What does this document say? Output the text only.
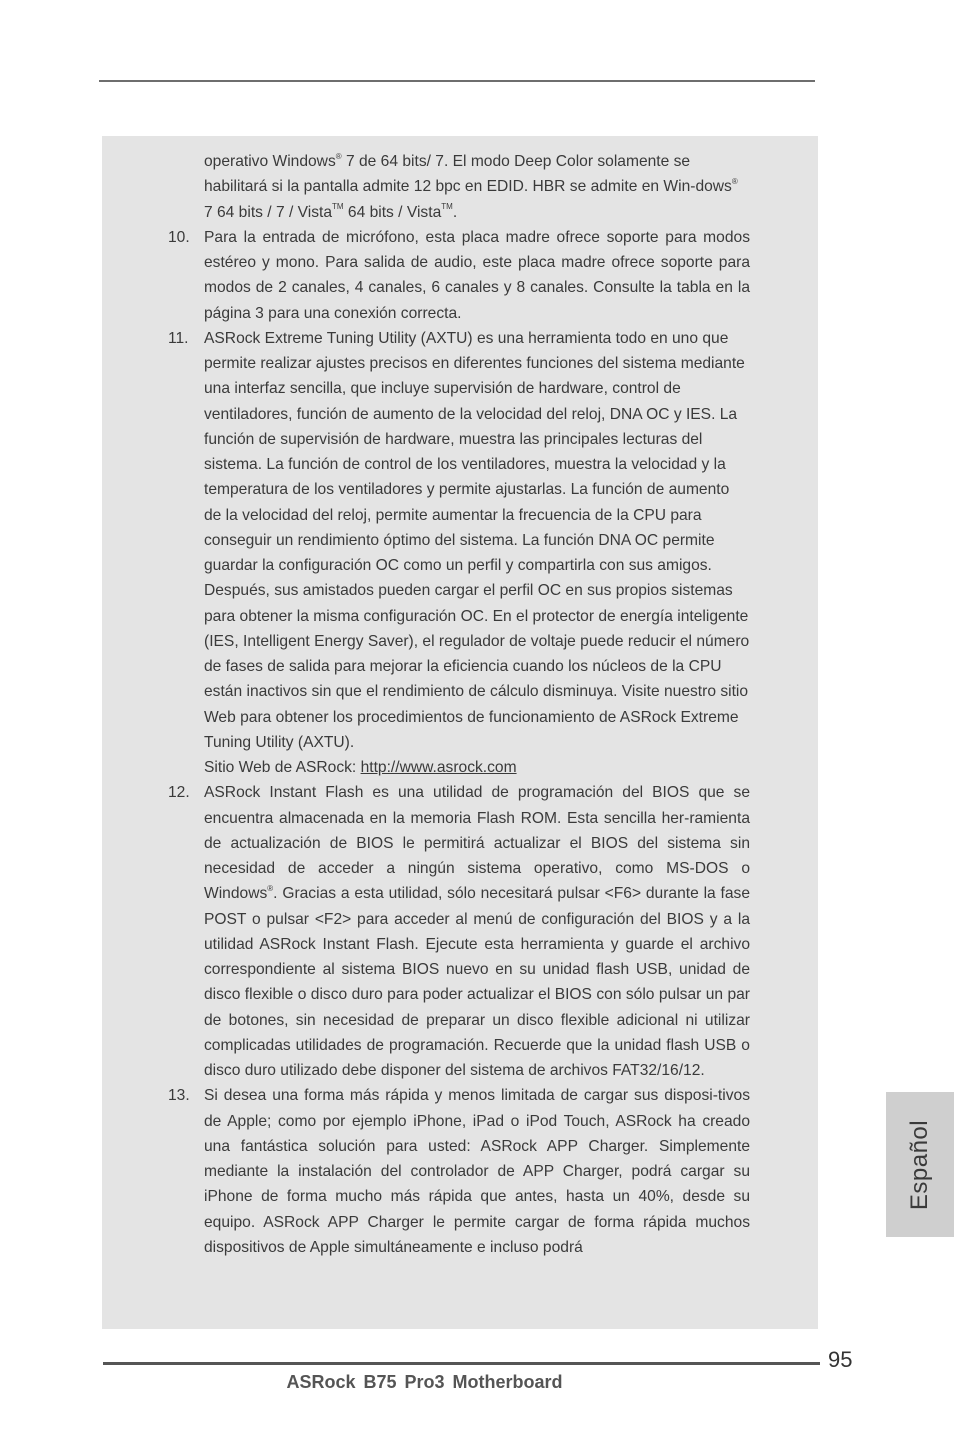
operativo Windows® 7 de 64 bits/ 7. El modo Deep Color solamente se habilitará si la pantalla admite 12 bpc en EDID. HBR se admite en Win-dows® 7 64 bits / 7 / Vista™ 64 bits / Vista™.
10. Para la entrada de micrófono, esta placa madre ofrece soporte para modos estéreo y mono. Para salida de audio, este placa madre ofrece soporte para modos de 2 canales, 4 canales, 6 canales y 8 canales. Consulte la tabla en la página 3 para una conexión correcta.
11. ASRock Extreme Tuning Utility (AXTU) es una herramienta todo en uno que permite realizar ajustes precisos en diferentes funciones del sistema mediante una interfaz sencilla, que incluye supervisión de hardware, control de ventiladores, función de aumento de la velocidad del reloj, DNA OC y IES. La función de supervisión de hardware, muestra las principales lecturas del sistema. La función de control de los ventiladores, muestra la velocidad y la temperatura de los ventiladores y permite ajustarlas. La función de aumento de la velocidad del reloj, permite aumentar la frecuencia de la CPU para conseguir un rendimiento óptimo del sistema. La función DNA OC permite guardar la configuración OC como un perfil y compartirla con sus amigos. Después, sus amistados pueden cargar el perfil OC en sus propios sistemas para obtener la misma configuración OC. En el protector de energía inteligente (IES, Intelligent Energy Saver), el regulador de voltaje puede reducir el número de fases de salida para mejorar la eficiencia cuando los núcleos de la CPU están inactivos sin que el rendimiento de cálculo disminuya. Visite nuestro sitio Web para obtener los procedimientos de funcionamiento de ASRock Extreme Tuning Utility (AXTU).
Sitio Web de ASRock: http://www.asrock.com
12. ASRock Instant Flash es una utilidad de programación del BIOS que se encuentra almacenada en la memoria Flash ROM. Esta sencilla her-ramienta de actualización de BIOS le permitirá actualizar el BIOS del sistema sin necesidad de acceder a ningún sistema operativo, como MS-DOS o Windows®. Gracias a esta utilidad, sólo necesitará pulsar <F6> durante la fase POST o pulsar <F2> para acceder al menú de configuración del BIOS y a la utilidad ASRock Instant Flash. Ejecute esta herramienta y guarde el archivo correspondiente al sistema BIOS nuevo en su unidad flash USB, unidad de disco flexible o disco duro para poder actualizar el BIOS con sólo pulsar un par de botones, sin necesidad de preparar un disco flexible adicional ni utilizar complicadas utilidades de programación. Recuerde que la unidad flash USB o disco duro utilizado debe disponer del sistema de archivos FAT32/16/12.
13. Si desea una forma más rápida y menos limitada de cargar sus disposi-tivos de Apple; como por ejemplo iPhone, iPad o iPod Touch, ASRock ha creado una fantástica solución para usted: ASRock APP Charger. Simplemente mediante la instalación del controlador de APP Charger, podrá cargar su iPhone de forma mucho más rápida que antes, hasta un 40%, desde su equipo. ASRock APP Charger le permite cargar de forma rápida muchos dispositivos de Apple simultáneamente e incluso podrá
Español
95
ASRock B75 Pro3 Motherboard
